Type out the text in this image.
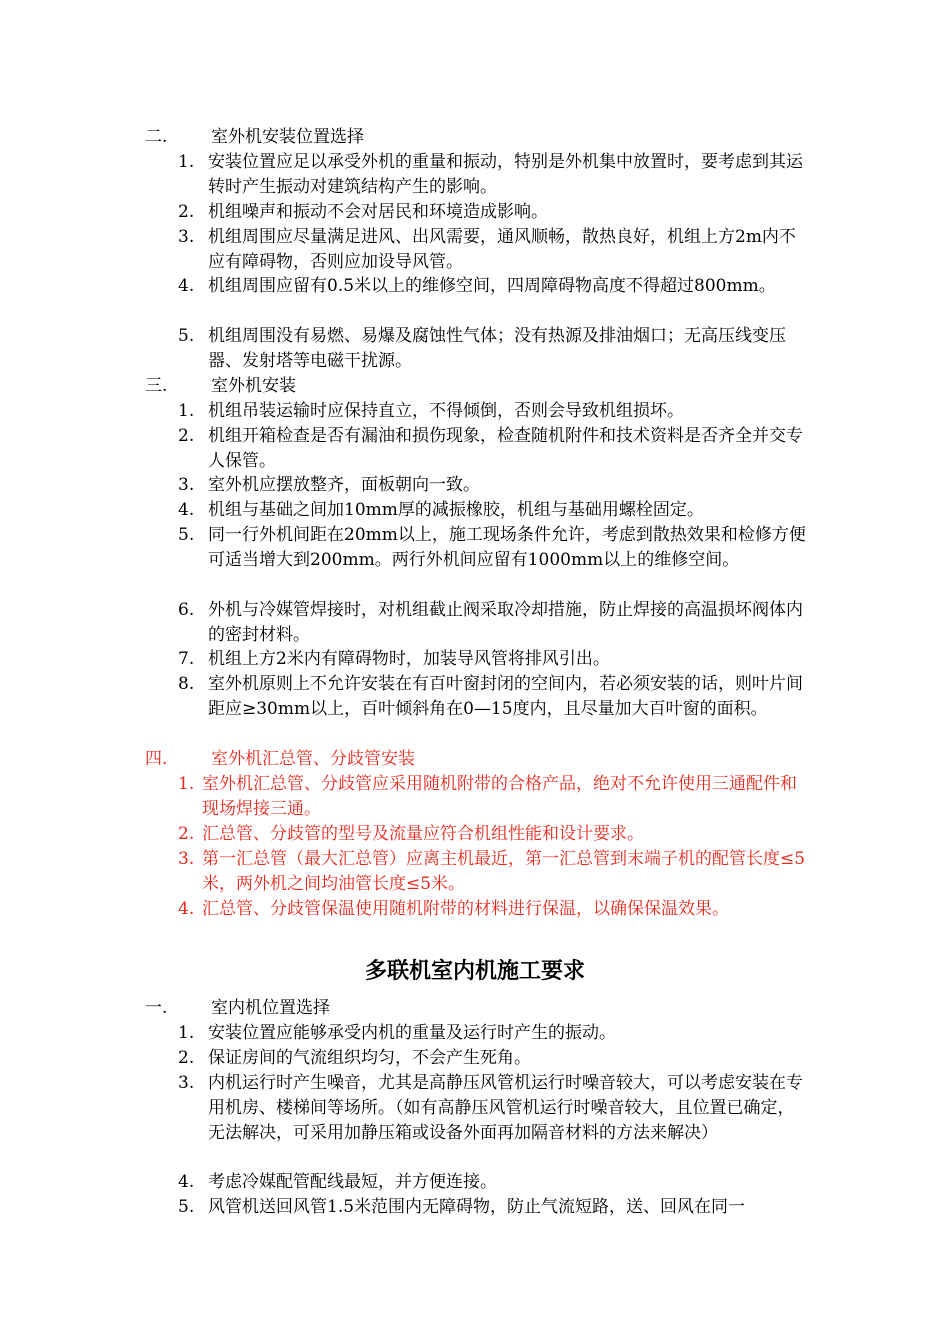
二.	室外机安装位置选择
1. 安装位置应足以承受外机的重量和振动，特别是外机集中放置时，要考虑到其运转时产生振动对建筑结构产生的影响。
2. 机组噪声和振动不会对居民和环境造成影响。
3. 机组周围应尽量满足进风、出风需要，通风顺畅，散热良好，机组上方2m内不应有障碍物，否则应加设导风管。
4. 机组周围应留有0.5米以上的维修空间，四周障碍物高度不得超过800mm。
5. 机组周围没有易燃、易爆及腐蚀性气体；没有热源及排油烟口；无高压线变压器、发射塔等电磁干扰源。
三.	室外机安装
1. 机组吊装运输时应保持直立，不得倾倒，否则会导致机组损坏。
2. 机组开箱检查是否有漏油和损伤现象，检查随机附件和技术资料是否齐全并交专人保管。
3. 室外机应摆放整齐，面板朝向一致。
4. 机组与基础之间加10mm厚的减振橡胶，机组与基础用螺栓固定。
5. 同一行外机间距在20mm以上，施工现场条件允许，考虑到散热效果和检修方便可适当增大到200mm。两行外机间应留有1000mm以上的维修空间。
6. 外机与冷媒管焊接时，对机组截止阀采取冷却措施，防止焊接的高温损坏阀体内的密封材料。
7. 机组上方2米内有障碍物时，加装导风管将排风引出。
8. 室外机原则上不允许安装在有百叶窗封闭的空间内，若必须安装的话，则叶片间距应≥30mm以上，百叶倾斜角在0—15度内，且尽量加大百叶窗的面积。
四.	室外机汇总管、分歧管安装
1. 室外机汇总管、分歧管应采用随机附带的合格产品，绝对不允许使用三通配件和现场焊接三通。
2. 汇总管、分歧管的型号及流量应符合机组性能和设计要求。
3. 第一汇总管（最大汇总管）应离主机最近，第一汇总管到末端子机的配管长度≤5米，两外机之间均油管长度≤5米。
4. 汇总管、分歧管保温使用随机附带的材料进行保温，以确保保温效果。
多联机室内机施工要求
一.	室内机位置选择
1. 安装位置应能够承受内机的重量及运行时产生的振动。
2. 保证房间的气流组织均匀，不会产生死角。
3. 内机运行时产生噪音，尤其是高静压风管机运行时噪音较大，可以考虑安装在专用机房、楼梯间等场所。（如有高静压风管机运行时噪音较大，且位置已确定，无法解决，可采用加静压箱或设备外面再加隔音材料的方法来解决）
4. 考虑冷媒配管配线最短，并方便连接。
5. 风管机送回风管1.5米范围内无障碍物，防止气流短路，送、回风在同一
